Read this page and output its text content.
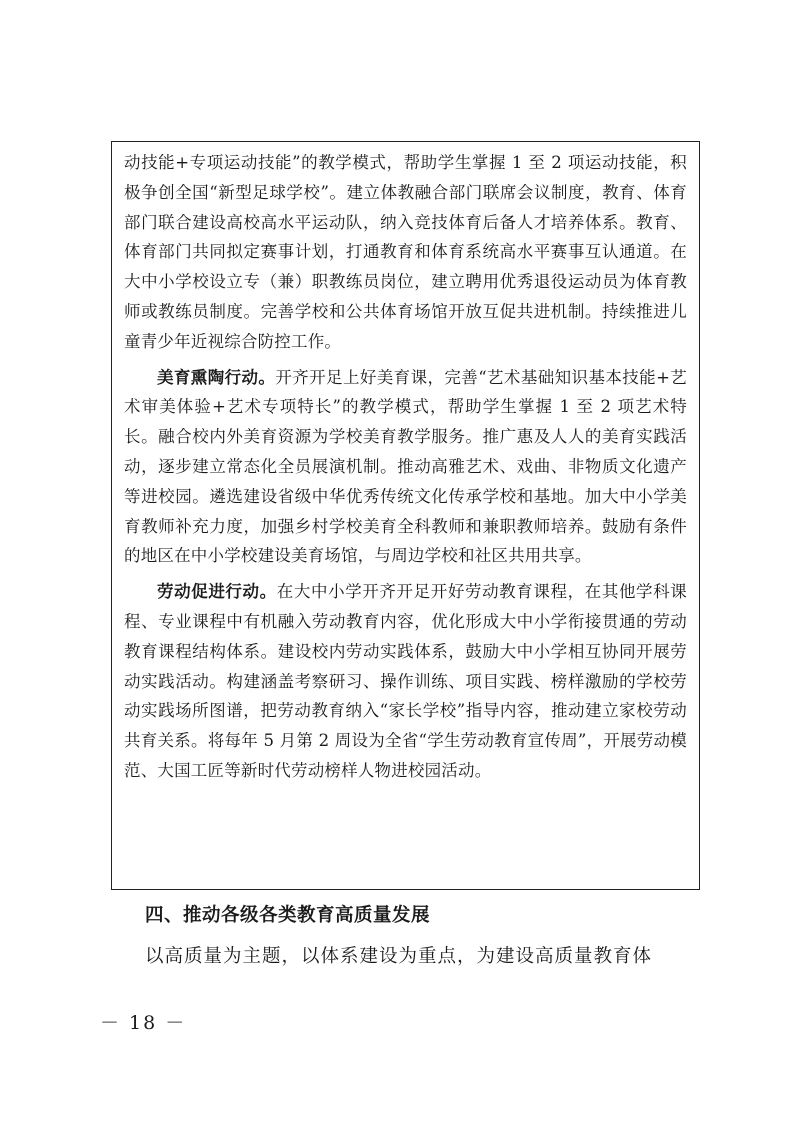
动技能+专项运动技能”的教学模式，帮助学生掌握 1 至 2 项运动技能，积极争创全国“新型足球学校”。建立体教融合部门联席会议制度，教育、体育部门联合建设高校高水平运动队，纳入竞技体育后备人才培养体系。教育、体育部门共同拟定赛事计划，打通教育和体育系统高水平赛事互认通道。在大中小学校设立专（兼）职教练员岗位，建立聘用优秀退役运动员为体育教师或教练员制度。完善学校和公共体育场馆开放互促共进机制。持续推进儿童青少年近视综合防控工作。

美育熏陶行动。开齐开足上好美育课，完善“艺术基础知识基本技能+艺术审美体验+艺术专项特长”的教学模式，帮助学生掌握 1 至 2 项艺术特长。融合校内外美育资源为学校美育教学服务。推广惠及人人的美育实践活动，逐步建立常态化全员展演机制。推动高雅艺术、戏曲、非物质文化遗产等进校园。遴选建设省级中华优秀传统文化传承学校和基地。加大中小学美育教师补充力度，加强乡村学校美育全科教师和兼职教师培养。鼓励有条件的地区在中小学校建设美育场馆，与周边学校和社区共用共享。

劳动促进行动。在大中小学开齐开足开好劳动教育课程，在其他学科课程、专业课程中有机融入劳动教育内容，优化形成大中小学衔接贯通的劳动教育课程结构体系。建设校内劳动实践体系，鼓励大中小学相互协同开展劳动实践活动。构建涵盖考察研习、操作训练、项目实践、榜样激励的学校劳动实践场所图谱，把劳动教育纳入“家长学校”指导内容，推动建立家校劳动共育关系。将每年 5 月第 2 周设为全省“学生劳动教育宣传周”，开展劳动模范、大国工匠等新时代劳动榜样人物进校园活动。

四、推动各级各类教育高质量发展

以高质量为主题，以体系建设为重点，为建设高质量教育体

－ 18 －
